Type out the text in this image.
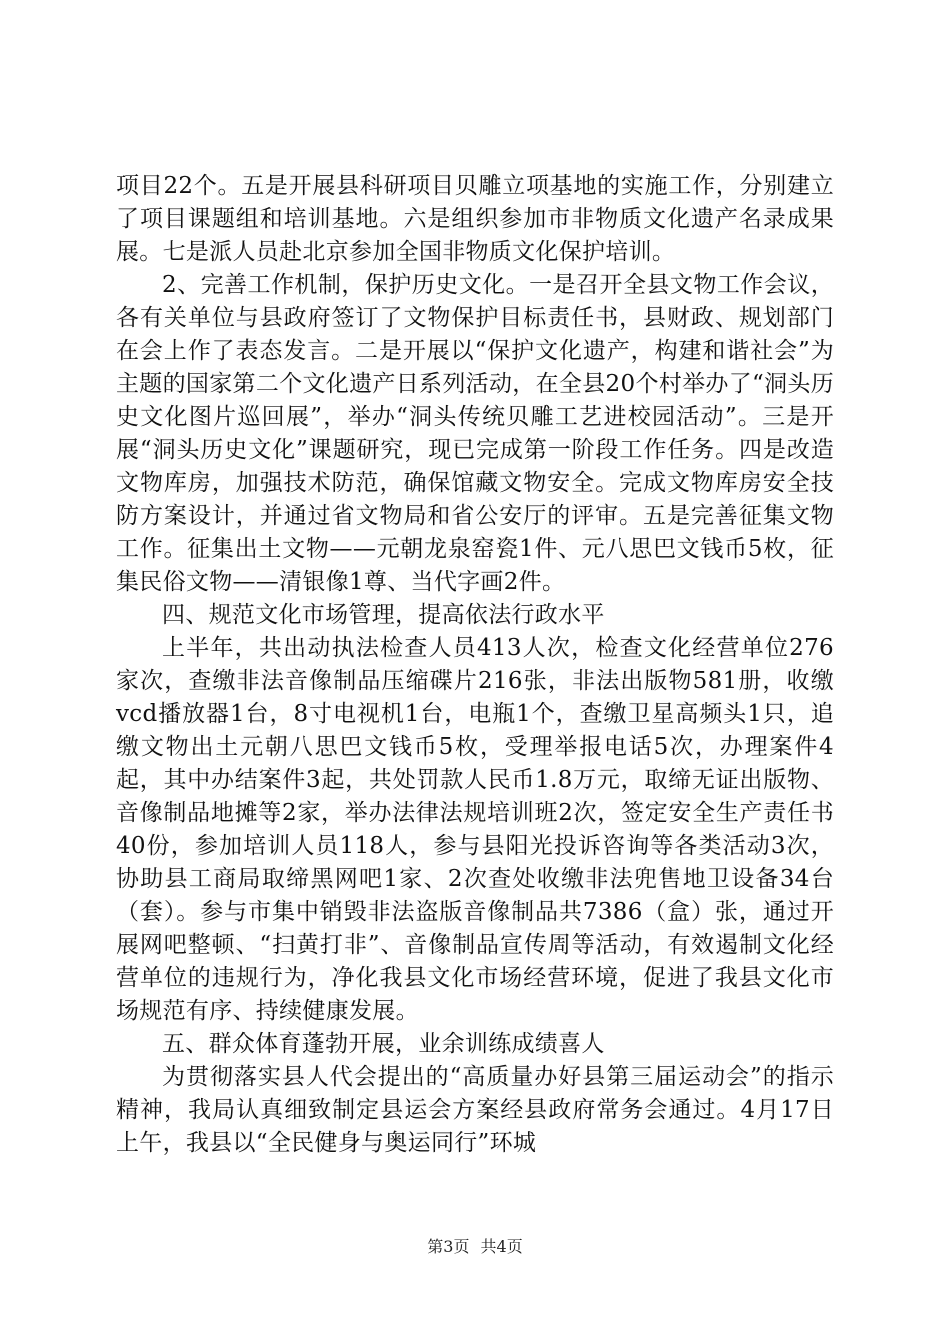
项目22个。五是开展县科研项目贝雕立项基地的实施工作，分别建立了项目课题组和培训基地。六是组织参加市非物质文化遗产名录成果展。七是派人员赴北京参加全国非物质文化保护培训。

2、完善工作机制，保护历史文化。一是召开全县文物工作会议，各有关单位与县政府签订了文物保护目标责任书，县财政、规划部门在会上作了表态发言。二是开展以“保护文化遗产，构建和谐社会”为主题的国家第二个文化遗产日系列活动，在全县20个村举办了“洞头历史文化图片巡回展”，举办“洞头传统贝雕工艺进校园活动”。三是开展“洞头历史文化”课题研究，现已完成第一阶段工作任务。四是改造文物库房，加强技术防范，确保馆藏文物安全。完成文物库房安全技防方案设计，并通过省文物局和省公安厅的评审。五是完善征集文物工作。征集出土文物——元朝龙泉窑瓷1件、元八思巴文钱币5枚，征集民俗文物——清银像1尊、当代字画2件。

四、规范文化市场管理，提高依法行政水平

上半年，共出动执法检查人员413人次，检查文化经营单位276家次，查缴非法音像制品压缩碟片216张，非法出版物581册，收缴vcd播放器1台，8寸电视机1台，电瓶1个，查缴卫星高频头1只，追缴文物出土元朝八思巴文钱币5枚，受理举报电话5次，办理案件4起，其中办结案件3起，共处罚款人民币1.8万元，取缔无证出版物、音像制品地摊等2家，举办法律法规培训班2次，签定安全生产责任书40份，参加培训人员118人，参与县阳光投诉咨询等各类活动3次，协助县工商局取缔黑网吧1家、2次查处收缴非法兜售地卫设备34台（套）。参与市集中销毁非法盗版音像制品共7386（盒）张，通过开展网吧整顿、“扫黄打非”、音像制品宣传周等活动，有效遏制文化经营单位的违规行为，净化我县文化市场经营环境，促进了我县文化市场规范有序、持续健康发展。

五、群众体育蓬勃开展，业余训练成绩喜人

为贯彻落实县人代会提出的“高质量办好县第三届运动会”的指示精神，我局认真细致制定县运会方案经县政府常务会通过。4月17日上午，我县以“全民健身与奥运同行”环城

第3页 共4页
